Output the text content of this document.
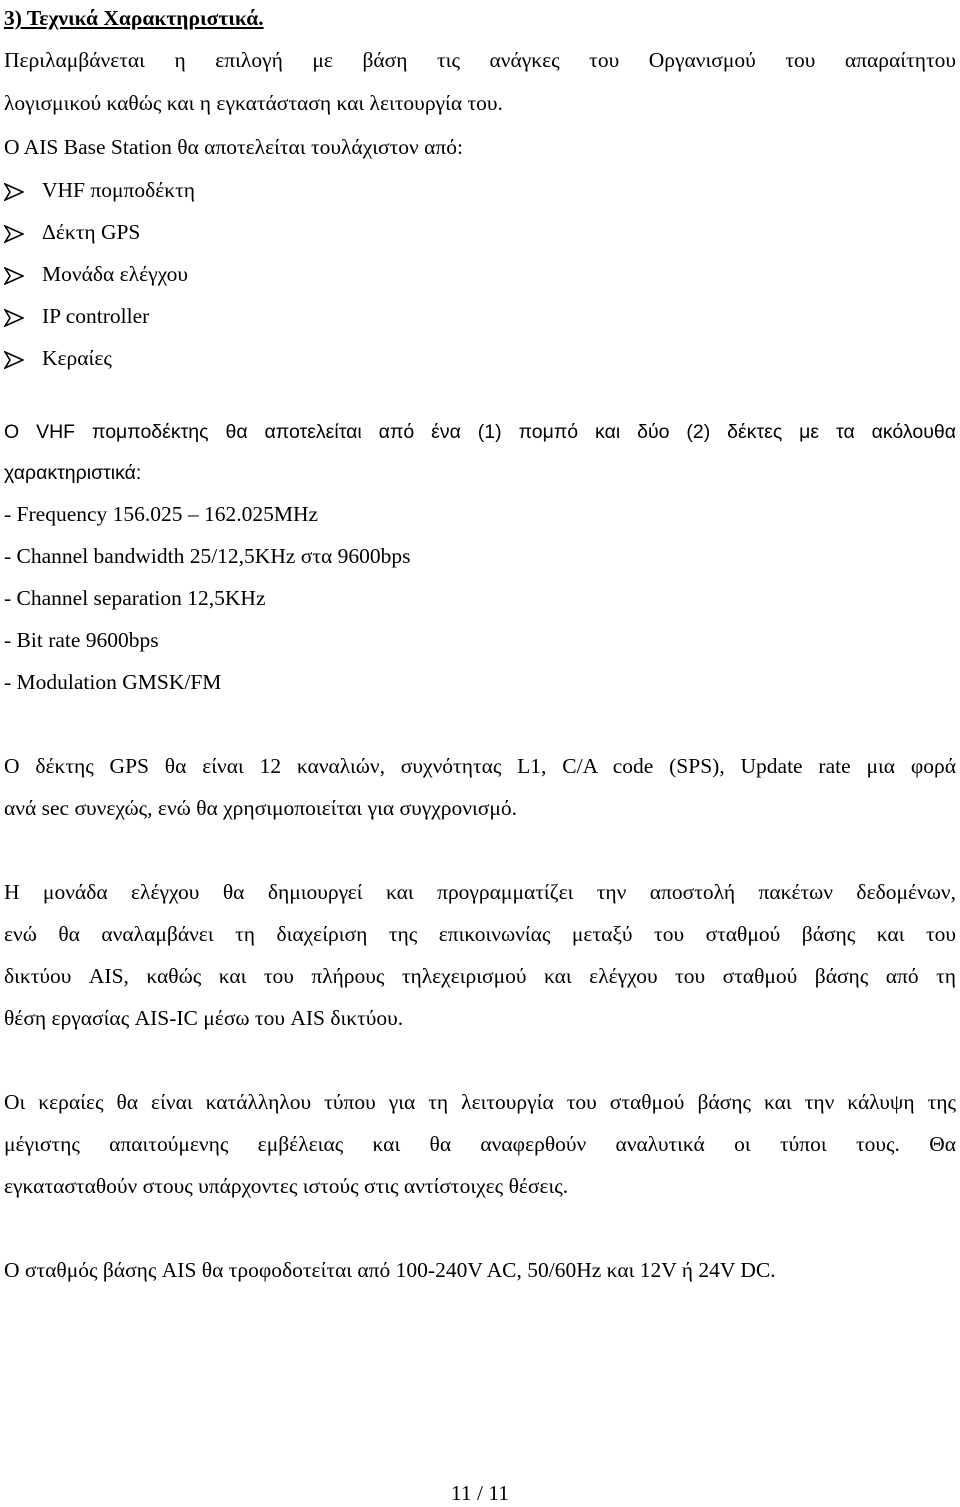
3) Τεχνικά Χαρακτηριστικά.
Περιλαμβάνεται η επιλογή με βάση τις ανάγκες του Οργανισμού του απαραίτητου
λογισμικού καθώς και η εγκατάσταση και λειτουργία του.
O AIS Base Station θα αποτελείται τουλάχιστον από:
VHF πομποδέκτη
Δέκτη GPS
Μονάδα ελέγχου
IP controller
Κεραίες
Ο VHF πομποδέκτης θα αποτελείται από ένα (1) πομπό και δύο (2) δέκτες με τα ακόλουθα
χαρακτηριστικά:
- Frequency 156.025 – 162.025MHz
- Channel bandwidth 25/12,5KHz στα 9600bps
- Channel separation 12,5KHz
- Bit rate 9600bps
- Modulation GMSK/FM
Ο δέκτης GPS θα είναι 12 καναλιών, συχνότητας L1, C/A code (SPS), Update rate μια φορά
ανά sec συνεχώς, ενώ θα χρησιμοποιείται για συγχρονισμό.
Η μονάδα ελέγχου θα δημιουργεί και προγραμματίζει την αποστολή πακέτων δεδομένων,
ενώ θα αναλαμβάνει τη διαχείριση της επικοινωνίας μεταξύ του σταθμού βάσης και του
δικτύου AIS, καθώς και του πλήρους τηλεχειρισμού και ελέγχου του σταθμού βάσης από τη
θέση εργασίας AIS-IC μέσω του AIS δικτύου.
Οι κεραίες θα είναι κατάλληλου τύπου για τη λειτουργία του σταθμού βάσης και την κάλυψη της
μέγιστης απαιτούμενης εμβέλειας και θα αναφερθούν αναλυτικά οι τύποι τους. Θα
εγκατασταθούν στους υπάρχοντες ιστούς στις αντίστοιχες θέσεις.
Ο σταθμός βάσης AIS θα τροφοδοτείται από 100-240V AC, 50/60Hz και 12V ή 24V DC.
11 / 11
